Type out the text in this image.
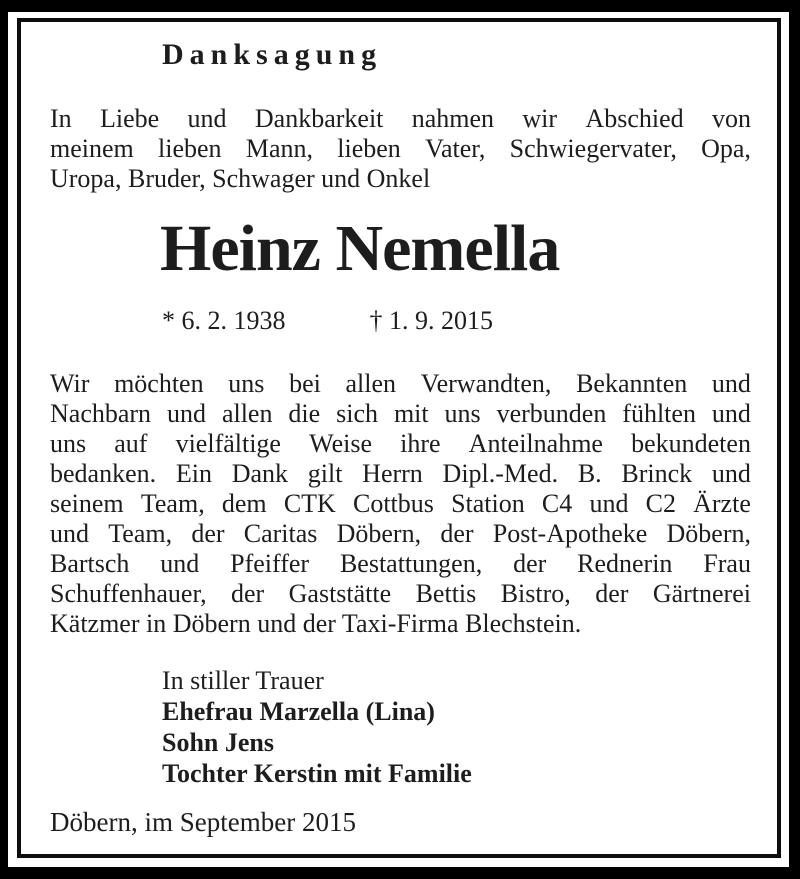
Danksagung
In Liebe und Dankbarkeit nahmen wir Abschied von
meinem lieben Mann, lieben Vater, Schwiegervater, Opa,
Uropa, Bruder, Schwager und Onkel
Heinz Nemella
* 6. 2. 1938	† 1. 9. 2015
Wir möchten uns bei allen Verwandten, Bekannten und
Nachbarn und allen die sich mit uns verbunden fühlten und
uns auf vielfältige Weise ihre Anteilnahme bekundeten
bedanken. Ein Dank gilt Herrn Dipl.-Med. B. Brinck und
seinem Team, dem CTK Cottbus Station C4 und C2 Ärzte
und Team, der Caritas Döbern, der Post-Apotheke Döbern,
Bartsch und Pfeiffer Bestattungen, der Rednerin Frau
Schuffenhauer, der Gaststätte Bettis Bistro, der Gärtnerei
Kätzmer in Döbern und der Taxi-Firma Blechstein.
In stiller Trauer
Ehefrau Marzella (Lina)
Sohn Jens
Tochter Kerstin mit Familie
Döbern, im September 2015
